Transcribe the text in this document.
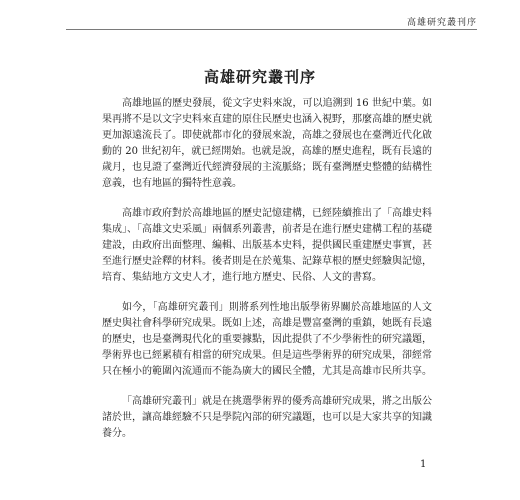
高雄研究叢刊序
高雄研究叢刊序

高雄地區的歷史發展，從文字史料來說，可以追溯到 16 世紀中葉。如果再將不是以文字史料來直建的原住民歷史也涵入視野，那麼高雄的歷史就更加源遠流長了。即使就都市化的發展來說，高雄之發展也在臺灣近代化啟動的 20 世紀初年，就已經開始。也就是說，高雄的歷史進程，既有長遠的歲月，也見證了臺灣近代經濟發展的主流脈絡；既有臺灣歷史整體的結構性意義，也有地區的獨特性意義。

高雄市政府對於高雄地區的歷史記憶建構，已經陸續推出了「高雄史料集成」、「高雄文史采風」兩個系列叢書，前者是在進行歷史建構工程的基礎建設，由政府出面整理、編輯、出版基本史料，提供國民重建歷史事實，甚至進行歷史詮釋的材料。後者則是在於蒐集、記錄草根的歷史經驗與記憶，培育、集結地方文史人才，進行地方歷史、民俗、人文的書寫。

如今，「高雄研究叢刊」則將系列性地出版學術界關於高雄地區的人文歷史與社會科學研究成果。既如上述，高雄是豐富臺灣的重鎮，她既有長遠的歷史，也是臺灣現代化的重要據點，因此提供了不少學術性的研究議題，學術界也已經累積有相當的研究成果。但是這些學術界的研究成果，卻經常只在極小的範圍內流通而不能為廣大的國民全體，尤其是高雄市民所共享。

「高雄研究叢刊」就是在挑選學術界的優秀高雄研究成果，將之出版公諸於世，讓高雄經驗不只是學院內部的研究議題，也可以是大家共享的知識養分。

1
